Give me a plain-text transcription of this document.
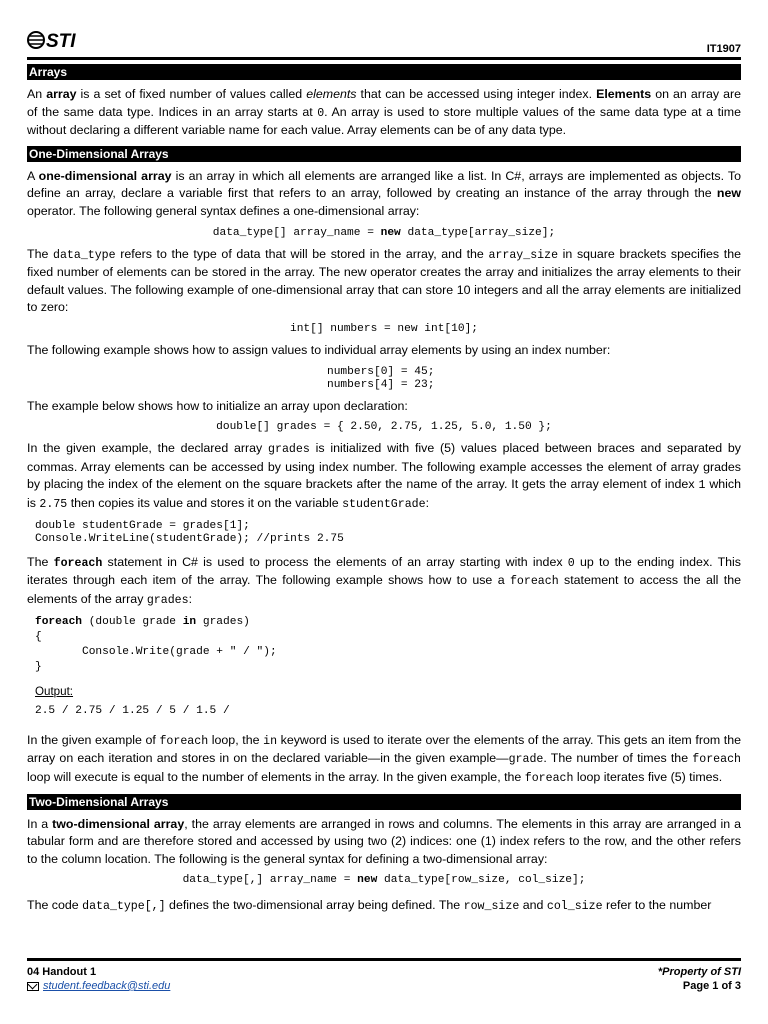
STI	IT1907
Arrays

An array is a set of fixed number of values called elements that can be accessed using integer index. Elements on an array are of the same data type. Indices in an array starts at 0. An array is used to store multiple values of the same data type at a time without declaring a different variable name for each value. Array elements can be of any data type.

One-Dimensional Arrays

A one-dimensional array is an array in which all elements are arranged like a list. In C#, arrays are implemented as objects. To define an array, declare a variable first that refers to an array, followed by creating an instance of the array through the new operator. The following general syntax defines a one-dimensional array:

data_type[] array_name = new data_type[array_size];

The data_type refers to the type of data that will be stored in the array, and the array_size in square brackets specifies the fixed number of elements can be stored in the array. The new operator creates the array and initializes the array elements to their default values. The following example of one-dimensional array that can store 10 integers and all the array elements are initialized to zero:

int[] numbers = new int[10];

The following example shows how to assign values to individual array elements by using an index number:

numbers[0] = 45;
numbers[4] = 23;

The example below shows how to initialize an array upon declaration:

double[] grades = { 2.50, 2.75, 1.25, 5.0, 1.50 };

In the given example, the declared array grades is initialized with five (5) values placed between braces and separated by commas. Array elements can be accessed by using index number. The following example accesses the element of array grades by placing the index of the element on the square brackets after the name of the array. It gets the array element of index 1 which is 2.75 then copies its value and stores it on the variable studentGrade:

double studentGrade = grades[1];
Console.WriteLine(studentGrade); //prints 2.75

The foreach statement in C# is used to process the elements of an array starting with index 0 up to the ending index. This iterates through each item of the array. The following example shows how to use a foreach statement to access the all the elements of the array grades:

foreach (double grade in grades)
{
Console.Write(grade + " / ");
}
Output:
2.5 / 2.75 / 1.25 / 5 / 1.5 /

In the given example of foreach loop, the in keyword is used to iterate over the elements of the array. This gets an item from the array on each iteration and stores in on the declared variable—in the given example—grade. The number of times the foreach loop will execute is equal to the number of elements in the array. In the given example, the foreach loop iterates five (5) times.

Two-Dimensional Arrays

In a two-dimensional array, the array elements are arranged in rows and columns. The elements in this array are arranged in a tabular form and are therefore stored and accessed by using two (2) indices: one (1) index refers to the row, and the other refers to the column location. The following is the general syntax for defining a two-dimensional array:

data_type[,] array_name = new data_type[row_size, col_size];

The code data_type[,] defines the two-dimensional array being defined. The row_size and col_size refer to the number

04 Handout 1
student.feedback@sti.edu
*Property of STI
Page 1 of 3
